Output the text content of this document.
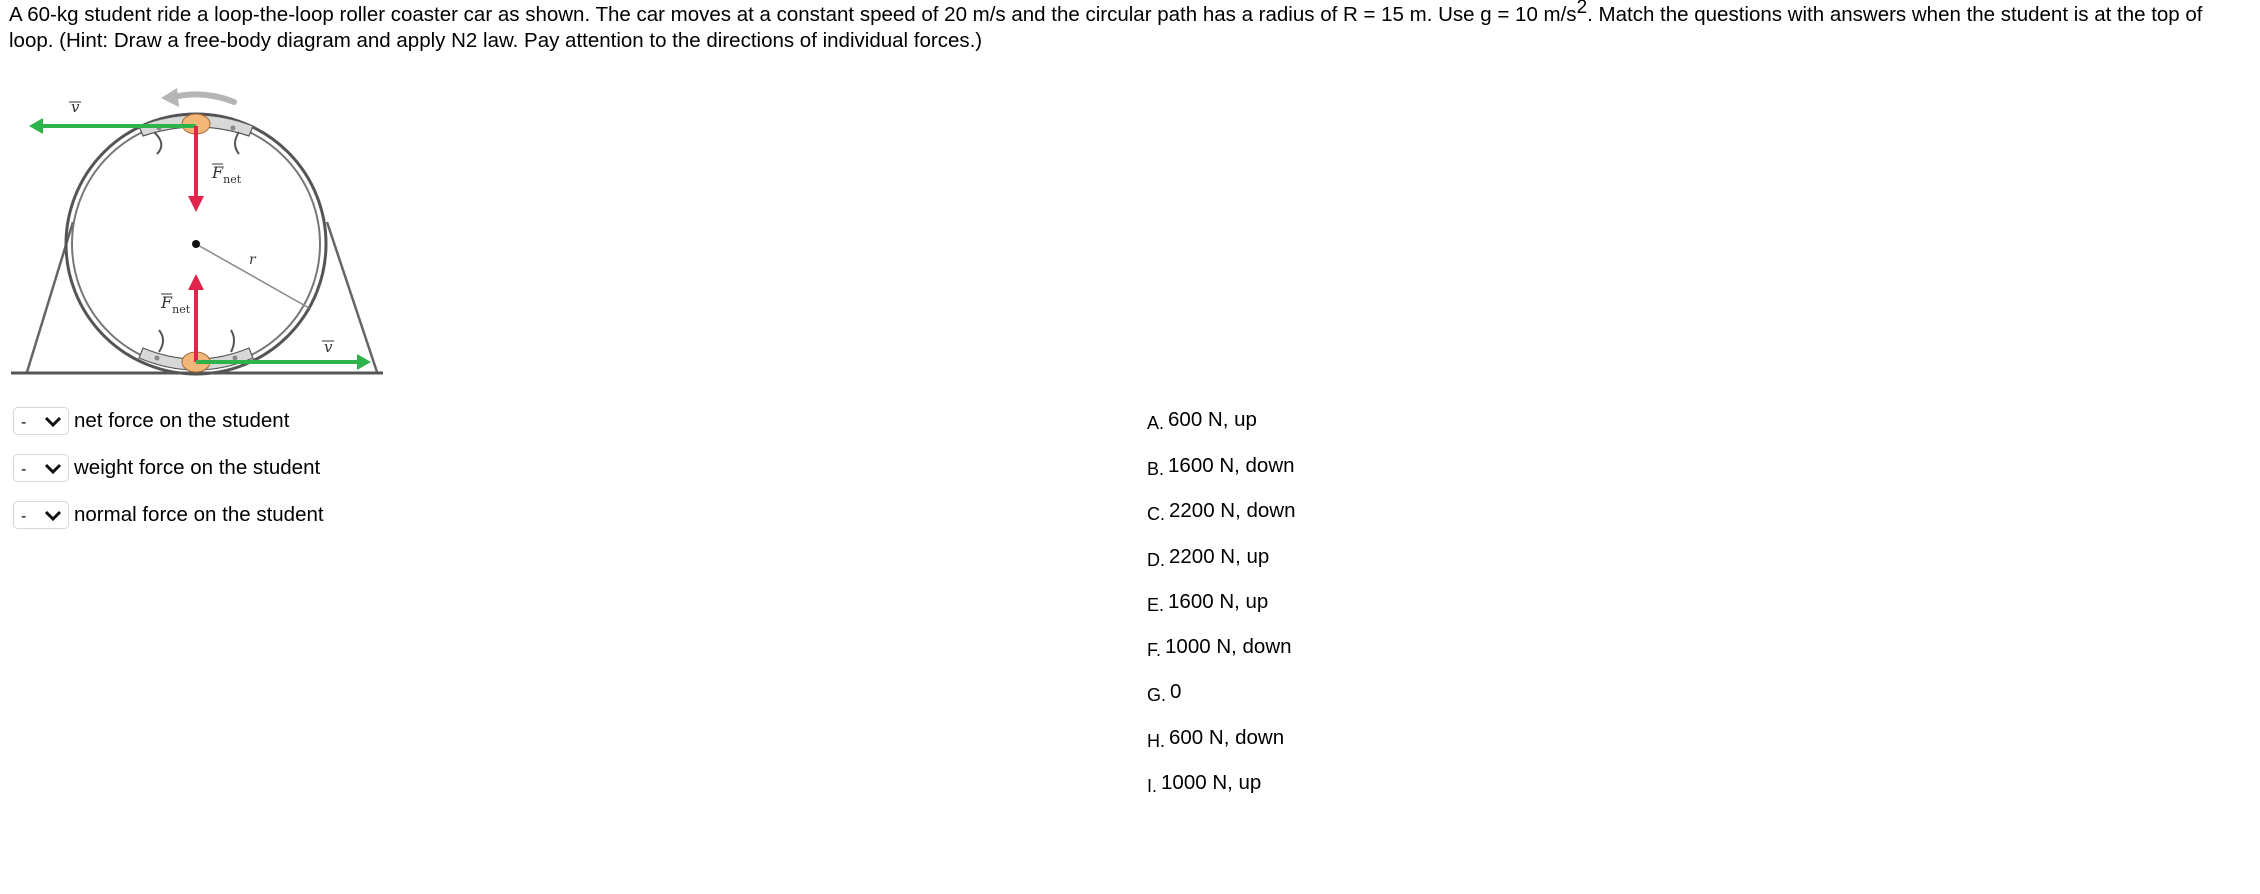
A 60-kg student ride a loop-the-loop roller coaster car as shown. The car moves at a constant speed of 20 m/s and the circular path has a radius of R = 15 m. Use g = 10 $m/s^2$. Match the questions with answers when the student is at the top of loop. (Hint: Draw a free-body diagram and apply N2 law. Pay attention to the directions of individual forces.)

r
v
$F_{net}$
$F_{net}$
v
- net force on the student
- weight force on the student
- normal force on the student
A. 600 N, up
B. 1600 N, down
C. 2200 N, down
D. 2200 N, up
E. 1600 N, up
F. 1000 N, down
G. 0
H. 600 N, down
I. 1000 N, up
